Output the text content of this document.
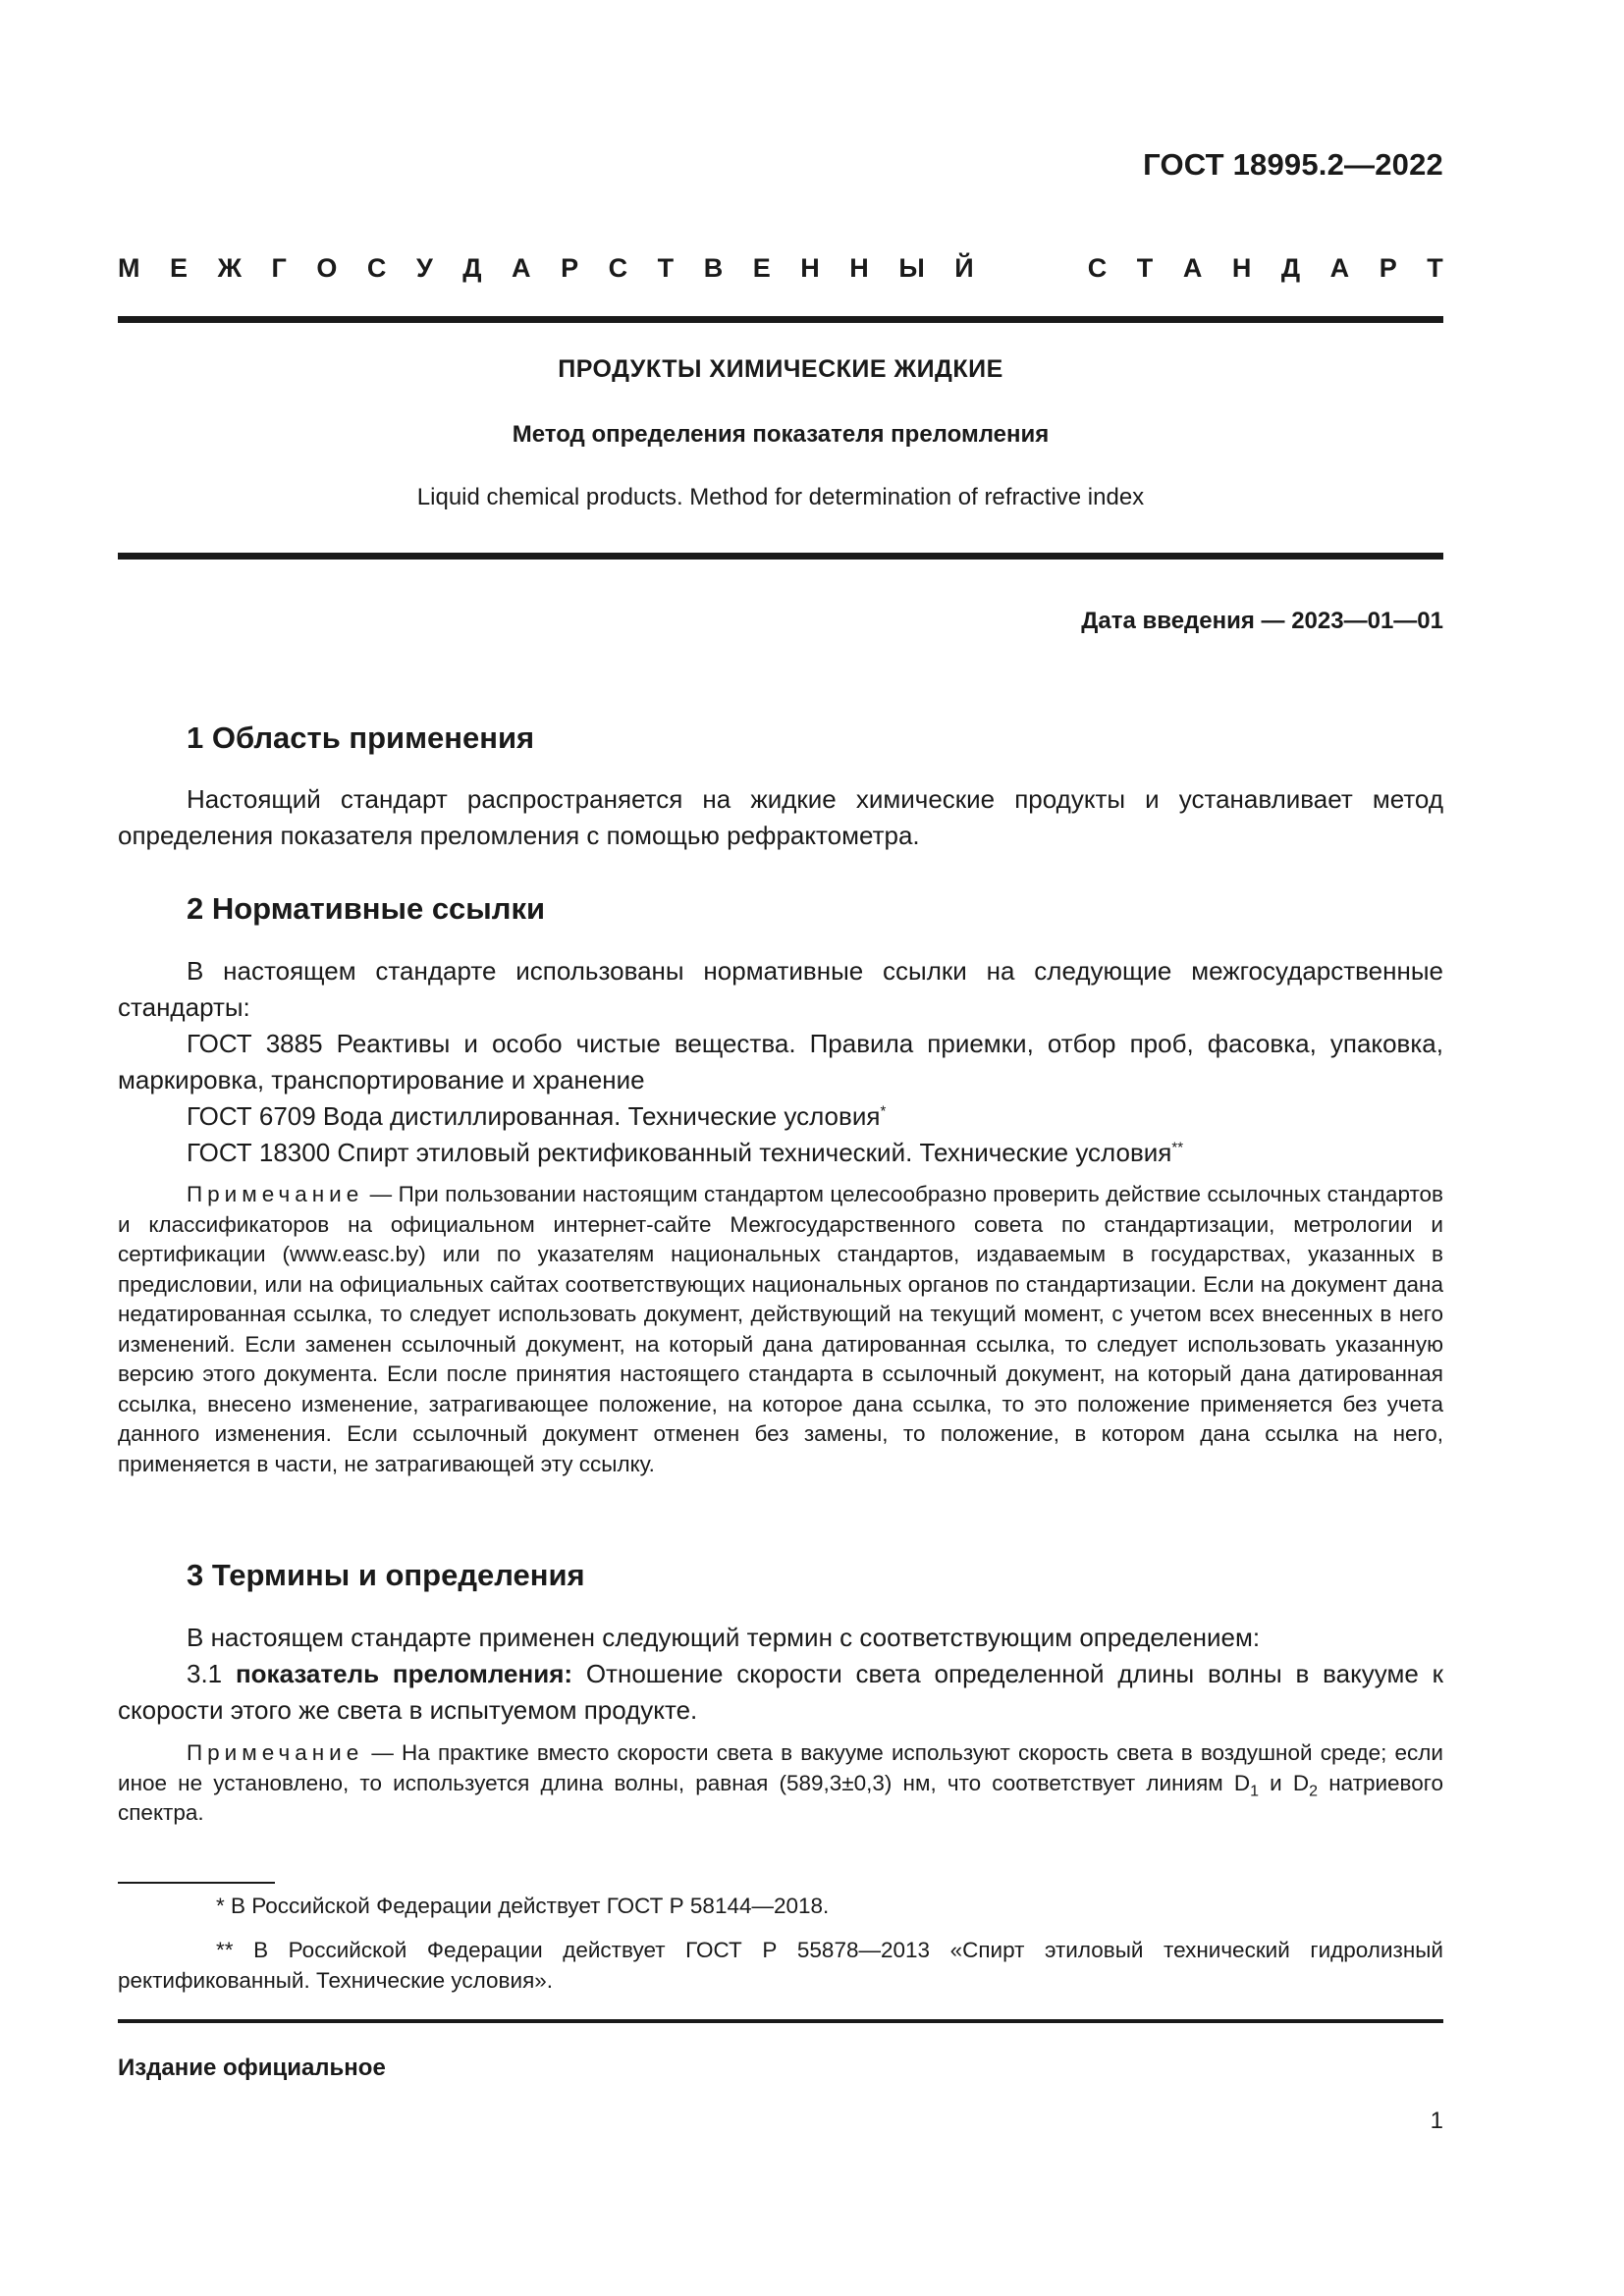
ГОСТ 18995.2—2022
М Е Ж Г О С У Д А Р С Т В Е Н Н Ы Й	С Т А Н Д А Р Т
ПРОДУКТЫ ХИМИЧЕСКИЕ ЖИДКИЕ
Метод определения показателя преломления
Liquid chemical products. Method for determination of refractive index
Дата введения — 2023—01—01
1 Область применения
Настоящий стандарт распространяется на жидкие химические продукты и устанавливает метод определения показателя преломления с помощью рефрактометра.
2 Нормативные ссылки
В настоящем стандарте использованы нормативные ссылки на следующие межгосударственные стандарты:
ГОСТ 3885 Реактивы и особо чистые вещества. Правила приемки, отбор проб, фасовка, упаковка, маркировка, транспортирование и хранение
ГОСТ 6709 Вода дистиллированная. Технические условия*
ГОСТ 18300 Спирт этиловый ректификованный технический. Технические условия**
Примечание — При пользовании настоящим стандартом целесообразно проверить действие ссылочных стандартов и классификаторов на официальном интернет-сайте Межгосударственного совета по стандартизации, метрологии и сертификации (www.easc.by) или по указателям национальных стандартов, издаваемым в государствах, указанных в предисловии, или на официальных сайтах соответствующих национальных органов по стандартизации. Если на документ дана недатированная ссылка, то следует использовать документ, действующий на текущий момент, с учетом всех внесенных в него изменений. Если заменен ссылочный документ, на который дана датированная ссылка, то следует использовать указанную версию этого документа. Если после принятия настоящего стандарта в ссылочный документ, на который дана датированная ссылка, внесено изменение, затрагивающее положение, на которое дана ссылка, то это положение применяется без учета данного изменения. Если ссылочный документ отменен без замены, то положение, в котором дана ссылка на него, применяется в части, не затрагивающей эту ссылку.
3 Термины и определения
В настоящем стандарте применен следующий термин с соответствующим определением:
3.1 показатель преломления: Отношение скорости света определенной длины волны в вакууме к скорости этого же света в испытуемом продукте.
Примечание — На практике вместо скорости света в вакууме используют скорость света в воздушной среде; если иное не установлено, то используется длина волны, равная (589,3±0,3) нм, что соответствует линиям $D_1$ и $D_2$ натриевого спектра.
* В Российской Федерации действует ГОСТ Р 58144—2018.
** В Российской Федерации действует ГОСТ Р 55878—2013 «Спирт этиловый технический гидролизный ректификованный. Технические условия».
Издание официальное
1
